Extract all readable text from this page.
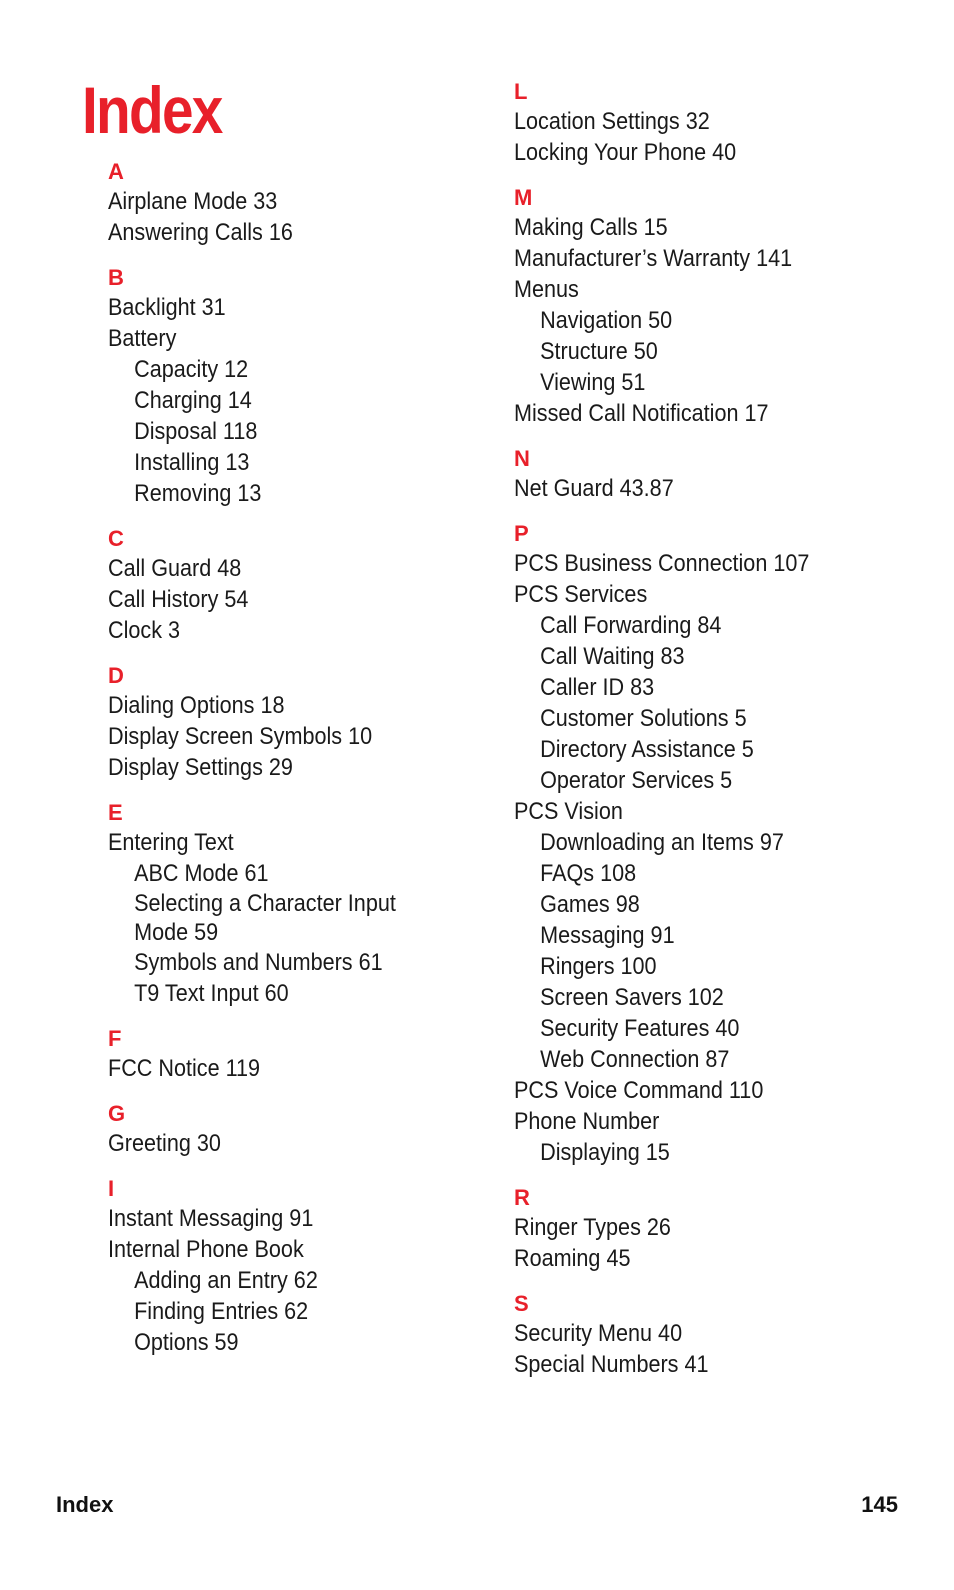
Index
A
Airplane Mode 33
Answering Calls 16
B
Backlight 31
Battery
Capacity 12
Charging 14
Disposal 118
Installing 13
Removing 13
C
Call Guard 48
Call History 54
Clock 3
D
Dialing Options 18
Display Screen Symbols 10
Display Settings 29
E
Entering Text
ABC Mode 61
Selecting a Character Input Mode 59
Symbols and Numbers 61
T9 Text Input 60
F
FCC Notice 119
G
Greeting 30
I
Instant Messaging 91
Internal Phone Book
Adding an Entry 62
Finding Entries 62
Options 59
L
Location Settings 32
Locking Your Phone 40
M
Making Calls 15
Manufacturer’s Warranty 141
Menus
Navigation 50
Structure 50
Viewing 51
Missed Call Notification 17
N
Net Guard 43.87
P
PCS Business Connection 107
PCS Services
Call Forwarding 84
Call Waiting 83
Caller ID 83
Customer Solutions 5
Directory Assistance 5
Operator Services 5
PCS Vision
Downloading an Items 97
FAQs 108
Games 98
Messaging 91
Ringers 100
Screen Savers 102
Security Features 40
Web Connection 87
PCS Voice Command 110
Phone Number
Displaying 15
R
Ringer Types 26
Roaming 45
S
Security Menu 40
Special Numbers 41
Index	145
